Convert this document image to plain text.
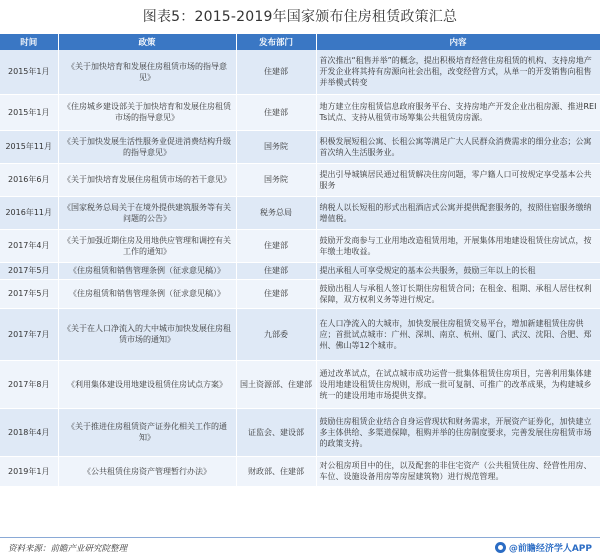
图表5：2015-2019年国家颁布住房租赁政策汇总
时间	政策	发布部门	内容
2015年1月	《关于加快培育和发展住房租赁市场的指导意见》	住建部	首次推出“租售并举”的概念，提出积极培育经营住房租赁的机构、支持房地产开发企业将其持有房源向社会出租，改变经营方式，从单一的开发销售向租售并举模式转变
2015年1月	《住房城乡建设部关于加快培育和发展住房租赁市场的指导意见》	住建部	地方建立住房租赁信息政府服务平台、支持房地产开发企业出租房源、推进REITs试点、支持从租赁市场筹集公共租赁房房源。
2015年11月	《关于加快发展生活性服务业促进消费结构升级的指导意见》	国务院	积极发展短租公寓、长租公寓等满足广大人民群众消费需求的细分业态；公寓首次纳入生活服务业。
2016年6月	《关于加快培育发展住房租赁市场的若干意见》	国务院	提出引导城镇居民通过租赁解决住房问题，零户籍人口可按规定享受基本公共服务
2016年11月	《国家税务总局关于在境外提供建筑服务等有关问题的公告》	税务总局	纳税人以长短租的形式出租酒店式公寓并提供配套服务的，按照住宿服务缴纳增值税。
2017年4月	《关于加强近期住房及用地供应管理和调控有关工作的通知》	住建部	鼓励开发商参与工业用地改造租赁用地，开展集体用地建设租赁住房试点，按年缴土地收益。
2017年5月	《住房租赁和销售管理条例（征求意见稿）》	住建部	提出承租人可享受规定的基本公共服务，鼓励三年以上的长租
2017年5月	《住房租赁和销售管理条例（征求意见稿）》	住建部	鼓励出租人与承租人签订长期住房租赁合同；在租金、租期、承租人居住权利保障，双方权利义务等进行规定。
2017年7月	《关于在人口净流入的大中城市加快发展住房租赁市场的通知》	九部委	在人口净流入的大城市，加快发展住房租赁交易平台，增加新建租赁住房供应；首批试点城市：广州、深圳、南京、杭州、厦门、武汉、沈阳、合肥、郑州、佛山等12个城市。
2017年8月	《利用集体建设用地建设租赁住房试点方案》	国土资源部、住建部	通过改革试点，在试点城市成功运营一批集体租赁住房项目，完善利用集体建设用地建设租赁住房规则，形成一批可复制、可推广的改革成果，为构建城乡统一的建设用地市场提供支撑。
2018年4月	《关于推进住房租赁资产证券化相关工作的通知》	证监会、建设部	鼓励住房租赁企业结合自身运营现状和财务需求，开展资产证券化，加快建立多主体供给、多渠道保障，租购并举的住房制度要求，完善发展住房租赁市场的政策支持。
2019年1月	《公共租赁住房资产管理暂行办法》	财政部、住建部	对公租房项目中的住，以及配套的非住宅资产（公共租赁住房、经营性用房、车位、设施设备用房等房屋建筑物）进行规范管理。
资料来源：前瞻产业研究院整理	@前瞻经济学人APP
